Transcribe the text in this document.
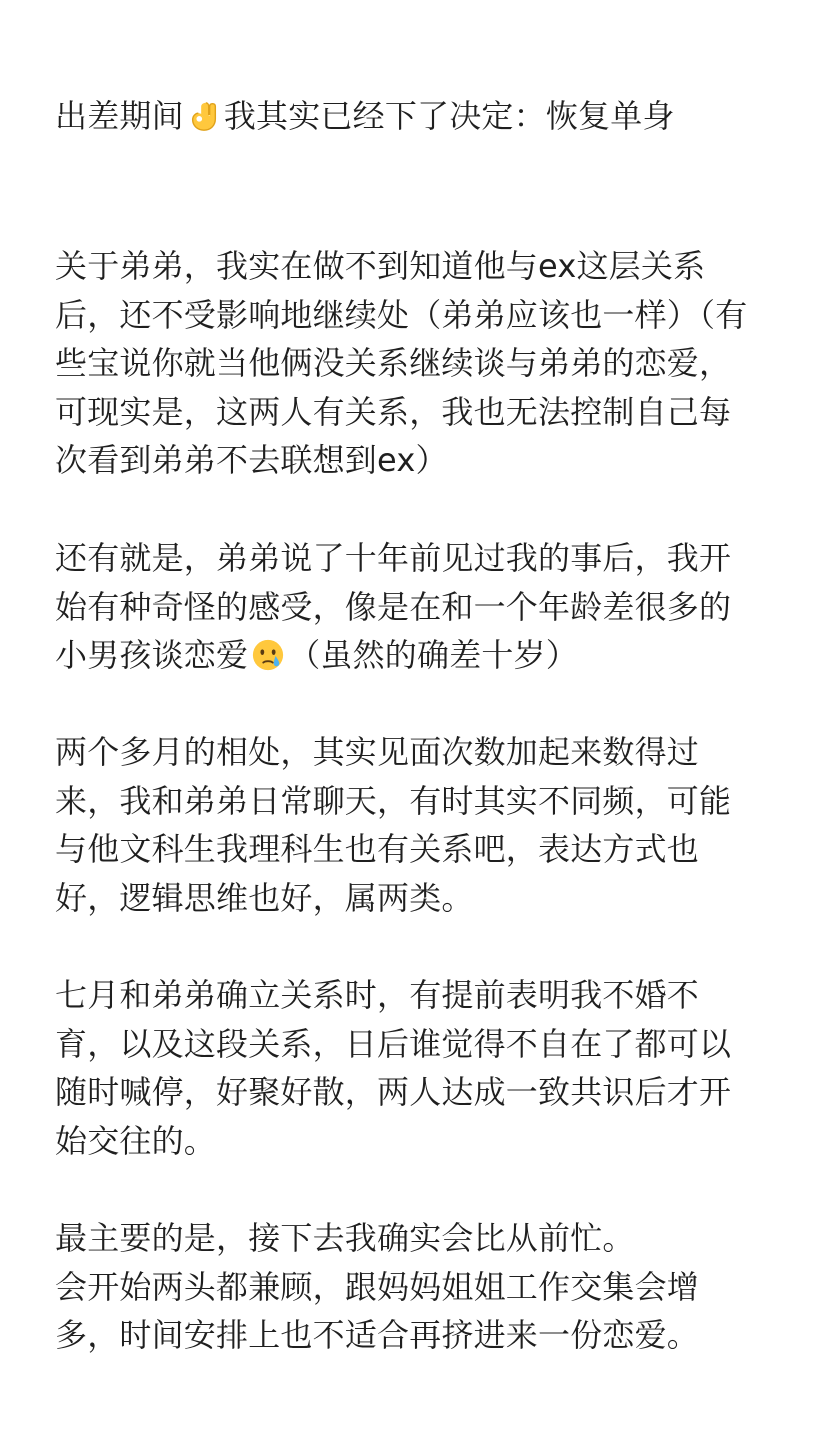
出差期间 我其实已经下了决定：恢复单身

关于弟弟，我实在做不到知道他与ex这层关系后，还不受影响地继续处（弟弟应该也一样）（有些宝说你就当他俩没关系继续谈与弟弟的恋爱，可现实是，这两人有关系，我也无法控制自己每次看到弟弟不去联想到ex）

还有就是，弟弟说了十年前见过我的事后，我开始有种奇怪的感受，像是在和一个年龄差很多的小男孩谈恋爱 （虽然的确差十岁）

两个多月的相处，其实见面次数加起来数得过来，我和弟弟日常聊天，有时其实不同频，可能与他文科生我理科生也有关系吧，表达方式也好，逻辑思维也好，属两类。

七月和弟弟确立关系时，有提前表明我不婚不育，以及这段关系，日后谁觉得不自在了都可以随时喊停，好聚好散，两人达成一致共识后才开始交往的。

最主要的是，接下去我确实会比从前忙。

会开始两头都兼顾，跟妈妈姐姐工作交集会增多，时间安排上也不适合再挤进来一份恋爱。
